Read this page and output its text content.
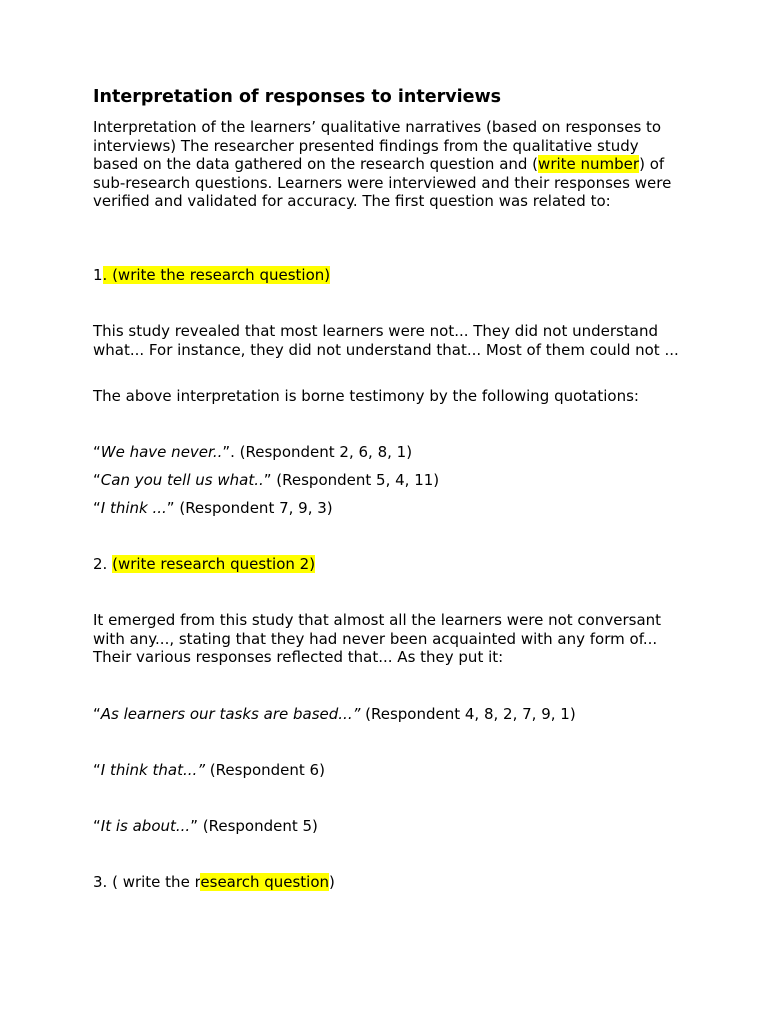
Interpretation of responses to interviews

Interpretation of the learners’ qualitative narratives (based on responses to interviews) The researcher presented findings from the qualitative study based on the data gathered on the research question and (write number) of sub-research questions. Learners were interviewed and their responses were verified and validated for accuracy. The first question was related to:

1. (write the research question)

This study revealed that most learners were not... They did not understand what... For instance, they did not understand that... Most of them could not ...

The above interpretation is borne testimony by the following quotations:

“We have never..”. (Respondent 2, 6, 8, 1)

“Can you tell us what..” (Respondent 5, 4, 11)

“I think ...” (Respondent 7, 9, 3)

2. (write research question 2)

It emerged from this study that almost all the learners were not conversant with any..., stating that they had never been acquainted with any form of... Their various responses reflected that... As they put it:

“As learners our tasks are based...” (Respondent 4, 8, 2, 7, 9, 1)

“I think that...” (Respondent 6)

“It is about...” (Respondent 5)

3. ( write the research question)
